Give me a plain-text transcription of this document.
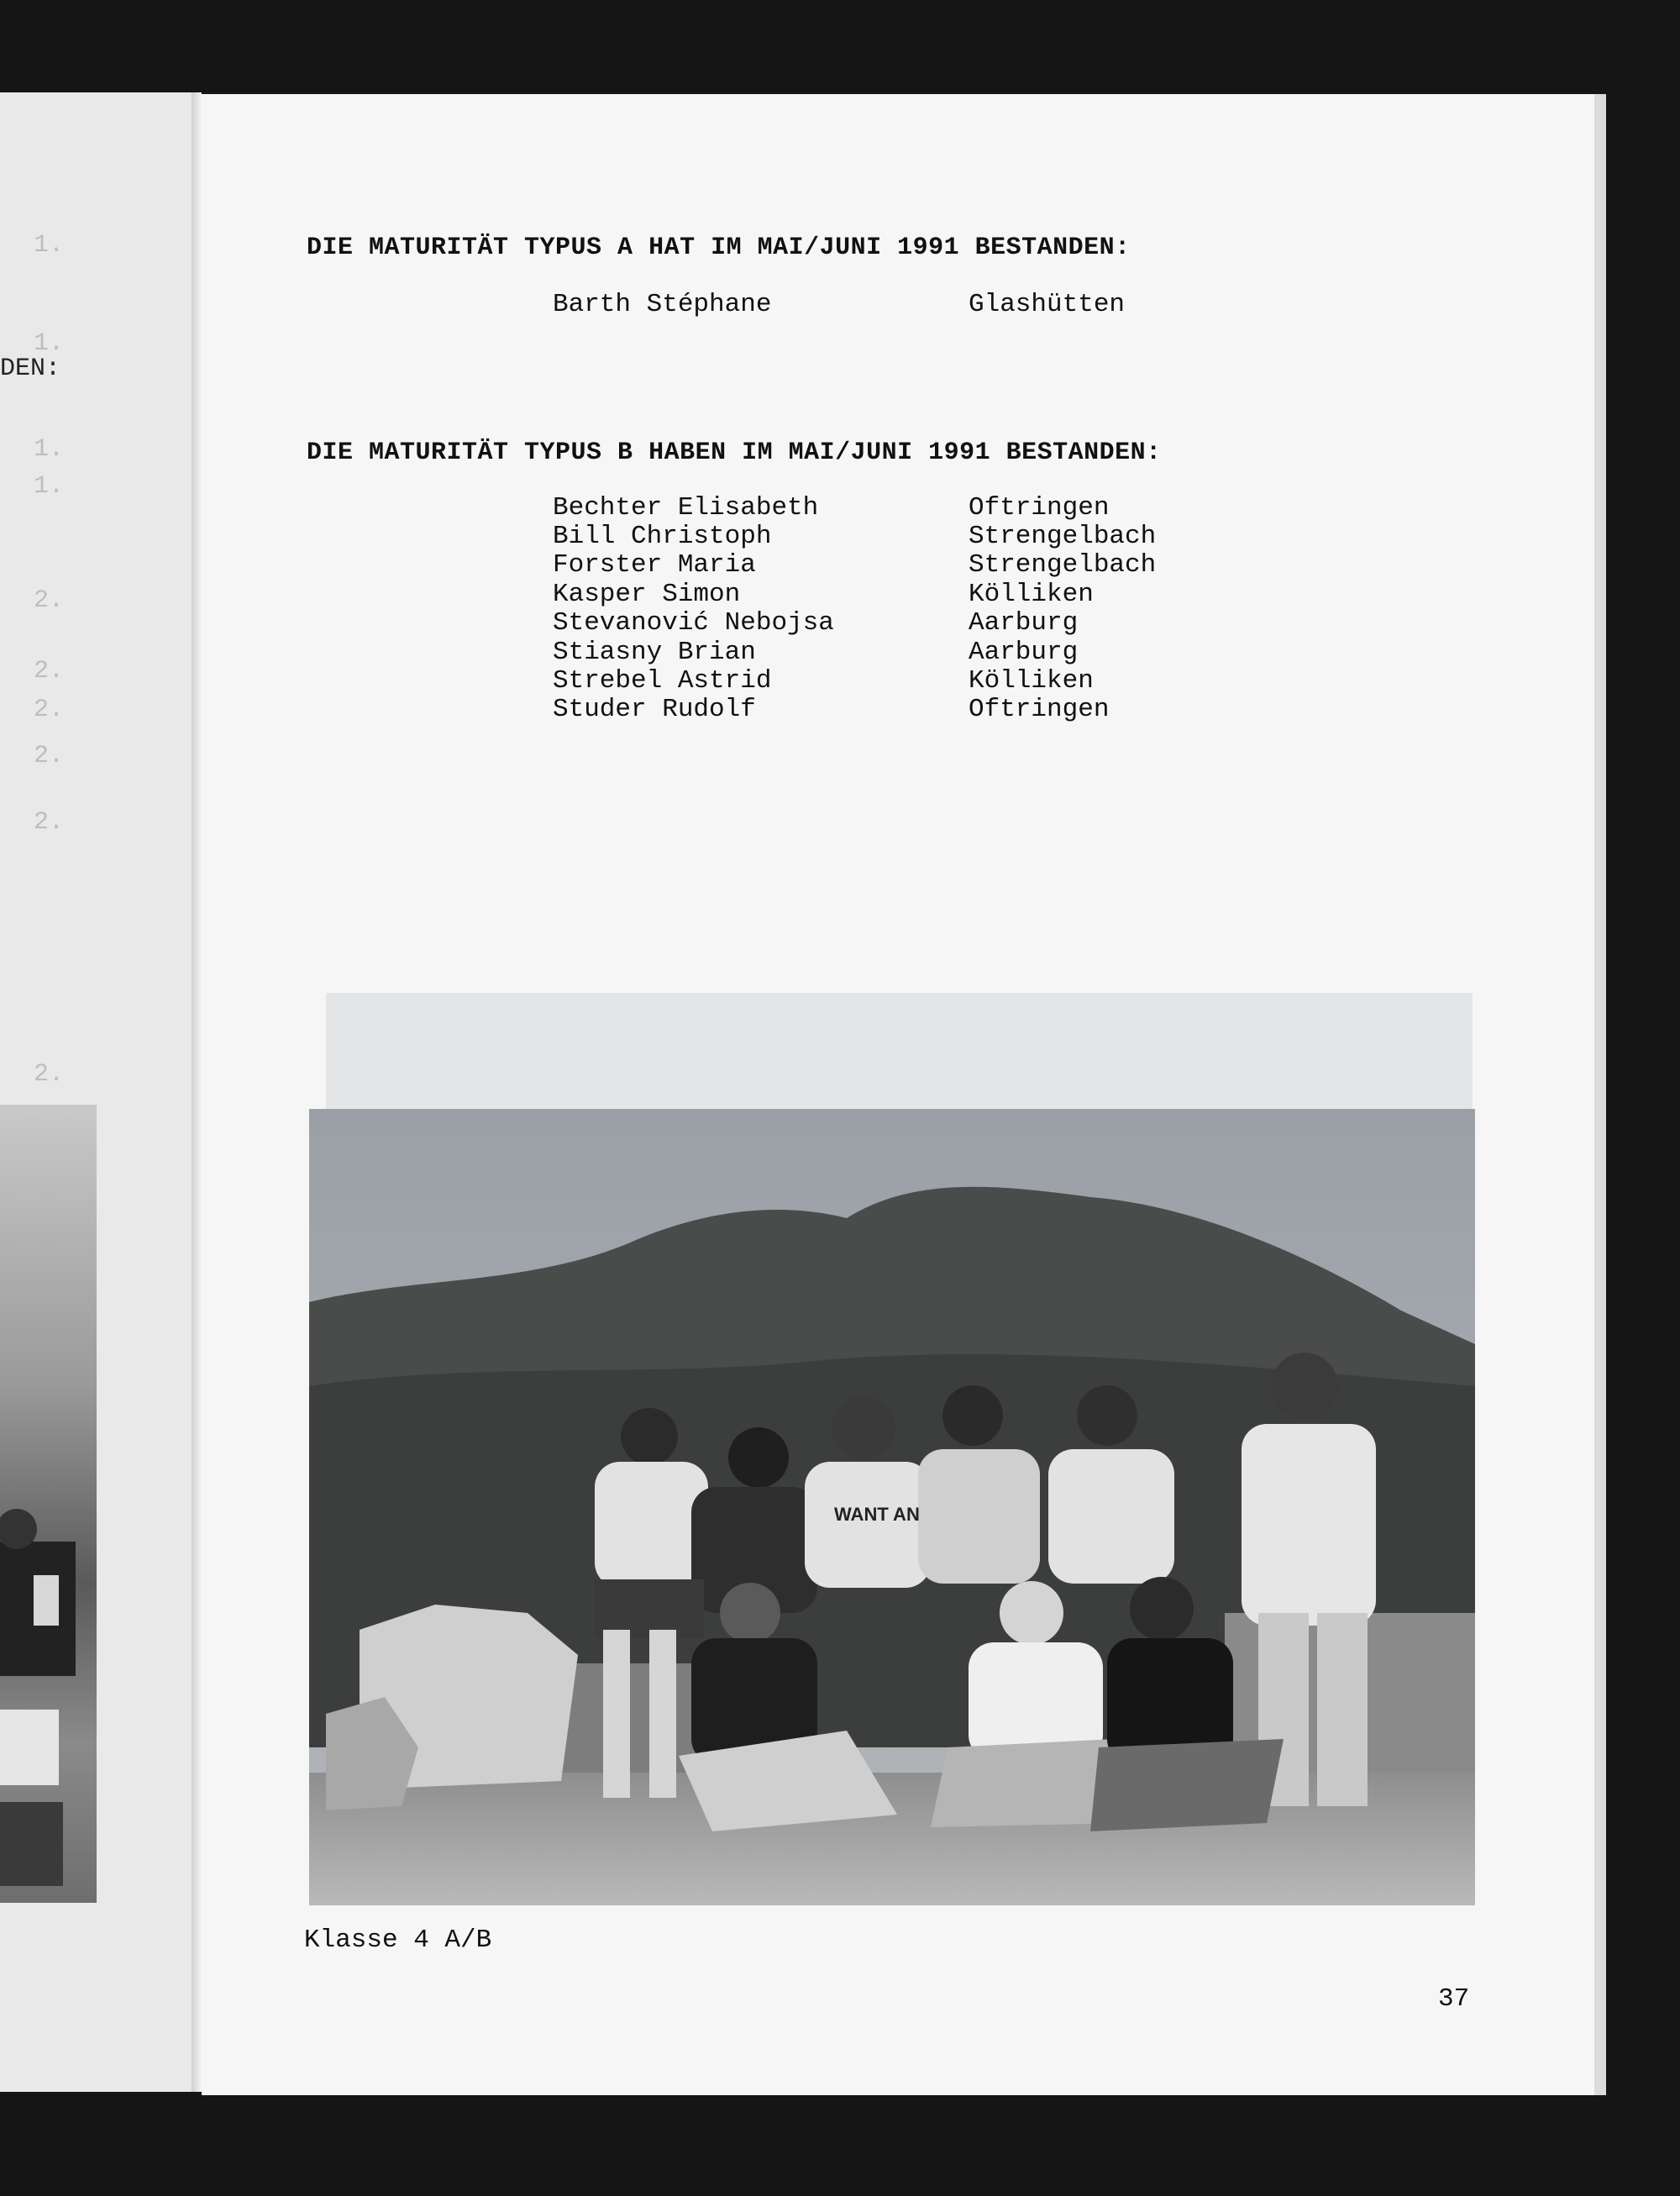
DEN:
1.
1.
1.
1.
2.
2.
2.
2.
2.
2.
DIE MATURITÄT TYPUS A HAT IM MAI/JUNI 1991 BESTANDEN:
Barth Stéphane	Glashütten
DIE MATURITÄT TYPUS B HABEN IM MAI/JUNI 1991 BESTANDEN:
Bechter Elisabeth	Oftringen
Bill Christoph	Strengelbach
Forster Maria	Strengelbach
Kasper Simon	Kölliken
Stevanović Nebojsa	Aarburg
Stiasny Brian	Aarburg
Strebel Astrid	Kölliken
Studer Rudolf	Oftringen
WANT AN
Klasse 4 A/B
37
